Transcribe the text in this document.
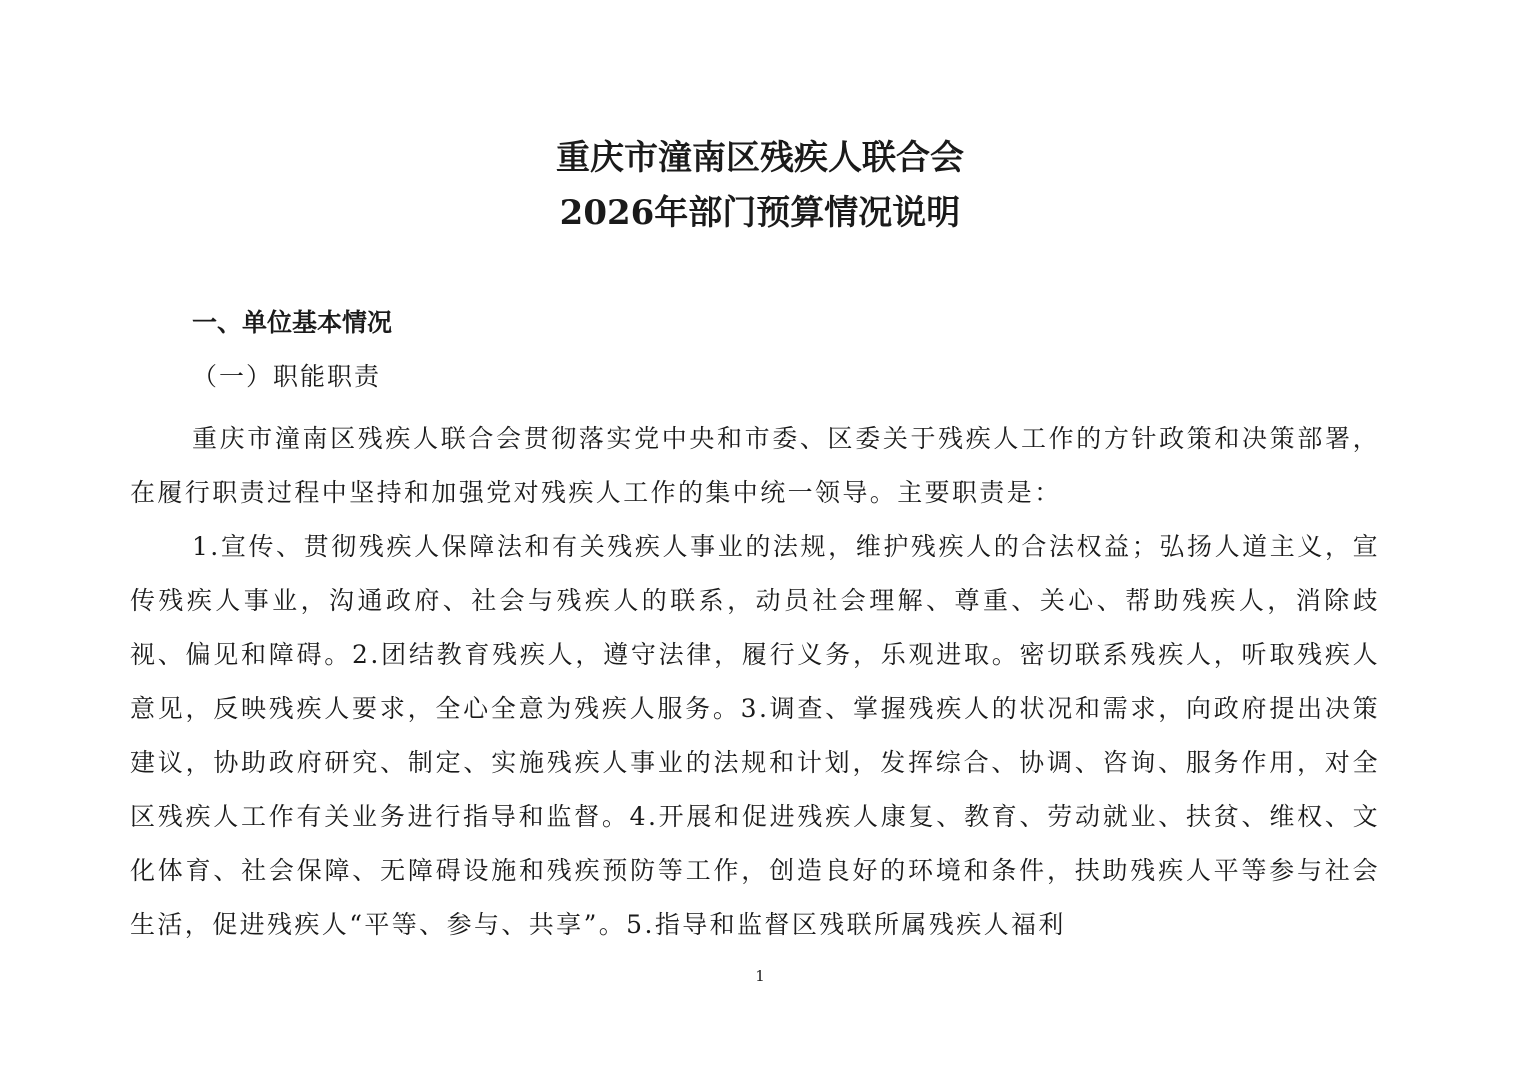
重庆市潼南区残疾人联合会
2026年部门预算情况说明
一、单位基本情况
（一）职能职责

重庆市潼南区残疾人联合会贯彻落实党中央和市委、区委关于残疾人工作的方针政策和决策部署，在履行职责过程中坚持和加强党对残疾人工作的集中统一领导。主要职责是：

1.宣传、贯彻残疾人保障法和有关残疾人事业的法规，维护残疾人的合法权益；弘扬人道主义，宣传残疾人事业，沟通政府、社会与残疾人的联系，动员社会理解、尊重、关心、帮助残疾人，消除歧视、偏见和障碍。2.团结教育残疾人，遵守法律，履行义务，乐观进取。密切联系残疾人，听取残疾人意见，反映残疾人要求，全心全意为残疾人服务。3.调查、掌握残疾人的状况和需求，向政府提出决策建议，协助政府研究、制定、实施残疾人事业的法规和计划，发挥综合、协调、咨询、服务作用，对全区残疾人工作有关业务进行指导和监督。4.开展和促进残疾人康复、教育、劳动就业、扶贫、维权、文化体育、社会保障、无障碍设施和残疾预防等工作，创造良好的环境和条件，扶助残疾人平等参与社会生活，促进残疾人“平等、参与、共享”。5.指导和监督区残联所属残疾人福利

1
